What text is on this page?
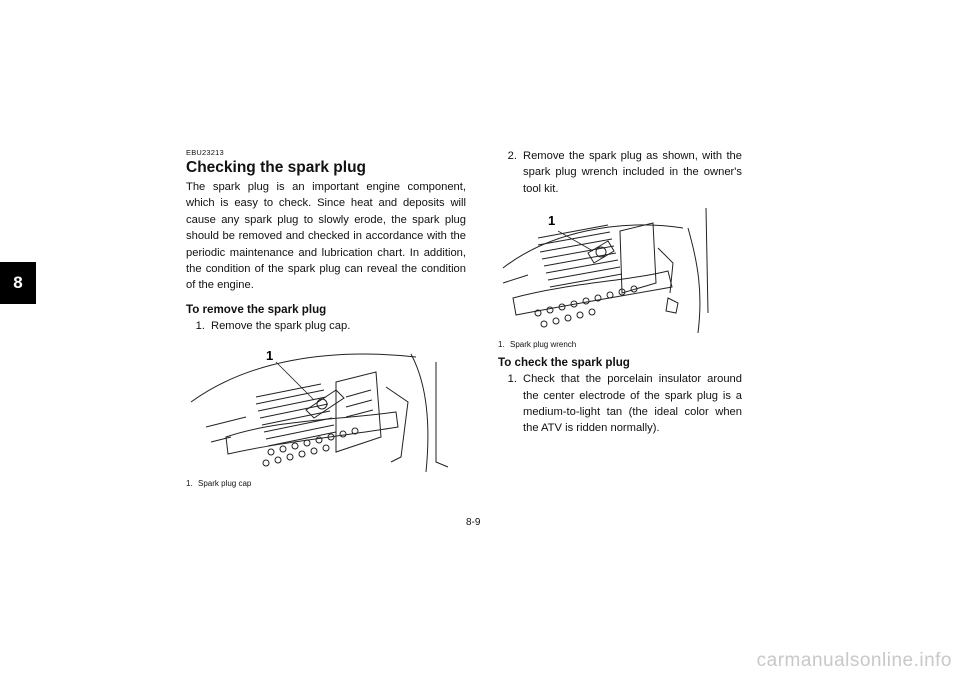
8
EBU23213
Checking the spark plug

The spark plug is an important engine component, which is easy to check. Since heat and deposits will cause any spark plug to slowly erode, the spark plug should be removed and checked in accordance with the periodic maintenance and lubrication chart. In addition, the condition of the spark plug can reveal the condition of the engine.

To remove the spark plug
1. Remove the spark plug cap.
1
1. Spark plug cap
2. Remove the spark plug as shown, with the spark plug wrench included in the owner's tool kit.
1
1. Spark plug wrench
To check the spark plug
1. Check that the porcelain insulator around the center electrode of the spark plug is a medium-to-light tan (the ideal color when the ATV is ridden normally).
8-9
carmanualsonline.info
